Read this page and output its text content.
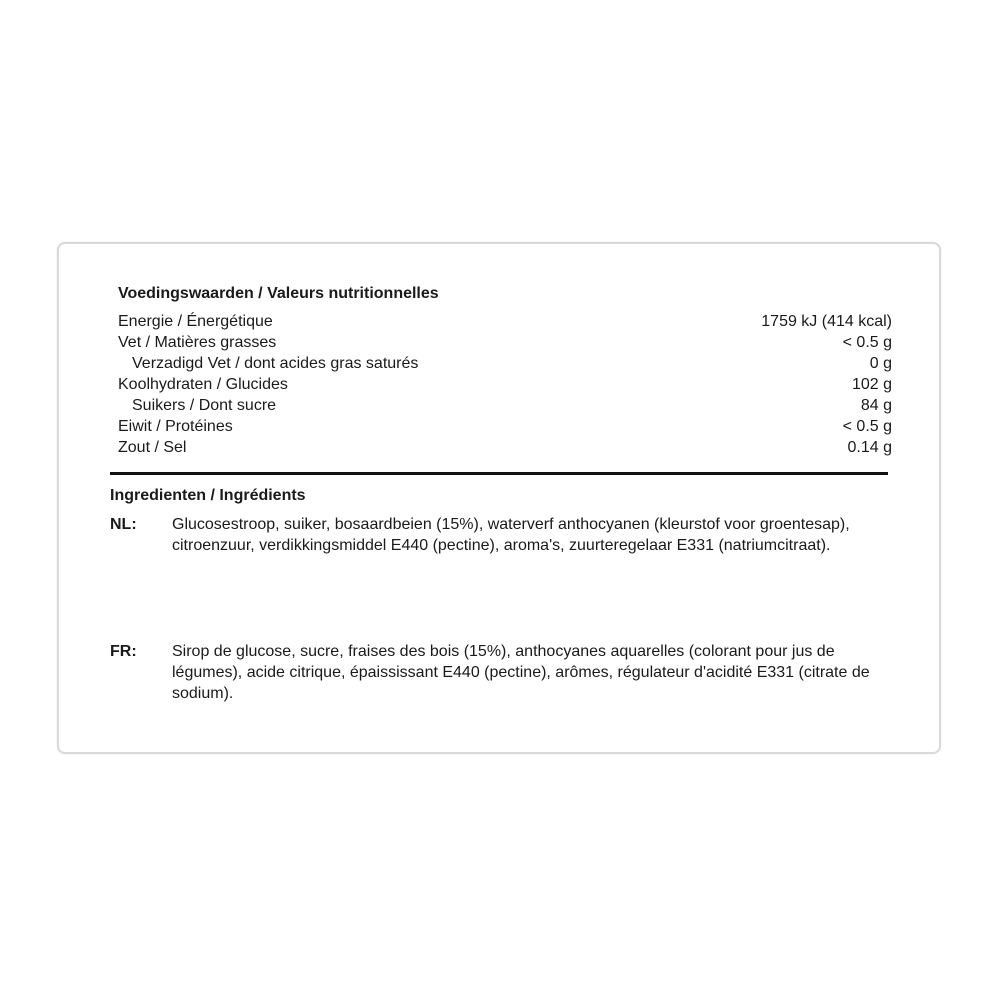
Voedingswaarden / Valeurs nutritionnelles
Energie / Énergétique	1759 kJ (414 kcal)
Vet / Matières grasses	< 0.5 g
Verzadigd Vet / dont acides gras saturés	0 g
Koolhydraten / Glucides	102 g
Suikers / Dont sucre	84 g
Eiwit / Protéines	< 0.5 g
Zout / Sel	0.14 g
Ingredienten / Ingrédients
NL: Glucosestroop, suiker, bosaardbeien (15%), waterverf anthocyanen (kleurstof voor groentesap), citroenzuur, verdikkingsmiddel E440 (pectine), aroma's, zuurteregelaar E331 (natriumcitraat).
FR: Sirop de glucose, sucre, fraises des bois (15%), anthocyanes aquarelles (colorant pour jus de légumes), acide citrique, épaississant E440 (pectine), arômes, régulateur d'acidité E331 (citrate de sodium).
